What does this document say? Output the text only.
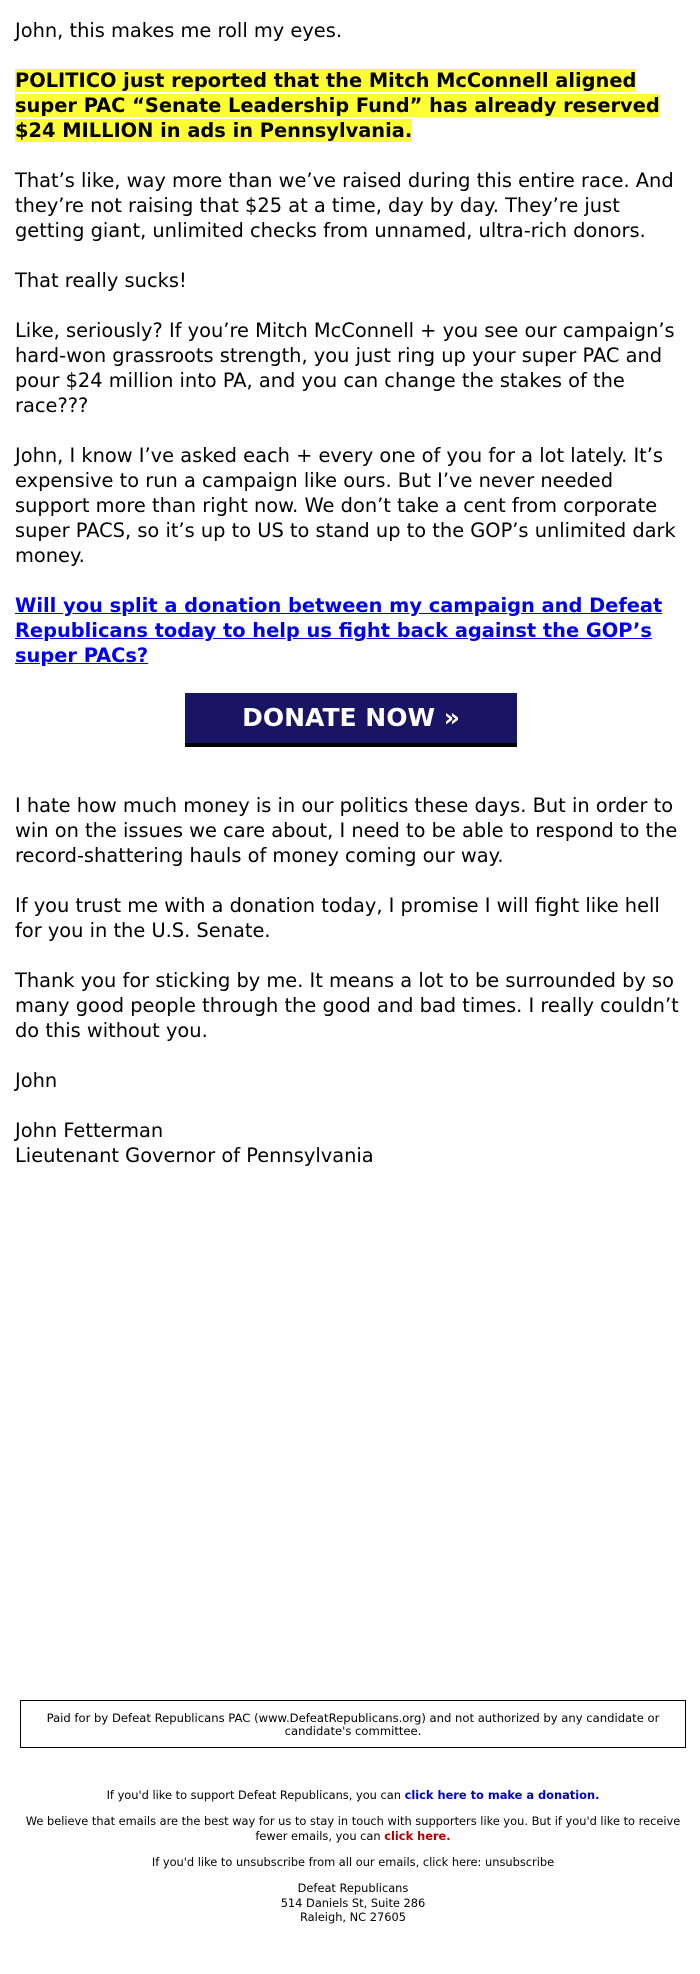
John, this makes me roll my eyes.

POLITICO just reported that the Mitch McConnell aligned super PAC “Senate Leadership Fund” has already reserved $24 MILLION in ads in Pennsylvania.

That’s like, way more than we’ve raised during this entire race. And they’re not raising that $25 at a time, day by day. They’re just getting giant, unlimited checks from unnamed, ultra-rich donors.

That really sucks!

Like, seriously? If you’re Mitch McConnell + you see our campaign’s hard-won grassroots strength, you just ring up your super PAC and pour $24 million into PA, and you can change the stakes of the race???

John, I know I’ve asked each + every one of you for a lot lately. It’s expensive to run a campaign like ours. But I’ve never needed support more than right now. We don’t take a cent from corporate super PACS, so it’s up to US to stand up to the GOP’s unlimited dark money.

Will you split a donation between my campaign and Defeat Republicans today to help us fight back against the GOP’s super PACs?

DONATE NOW »

I hate how much money is in our politics these days. But in order to win on the issues we care about, I need to be able to respond to the record-shattering hauls of money coming our way.

If you trust me with a donation today, I promise I will fight like hell for you in the U.S. Senate.

Thank you for sticking by me. It means a lot to be surrounded by so many good people through the good and bad times. I really couldn’t do this without you.

John

John Fetterman
Lieutenant Governor of Pennsylvania

Paid for by Defeat Republicans PAC (www.DefeatRepublicans.org) and not authorized by any candidate or candidate's committee.

If you'd like to support Defeat Republicans, you can click here to make a donation.

We believe that emails are the best way for us to stay in touch with supporters like you. But if you'd like to receive fewer emails, you can click here.

If you'd like to unsubscribe from all our emails, click here: unsubscribe

Defeat Republicans
514 Daniels St, Suite 286
Raleigh, NC 27605
